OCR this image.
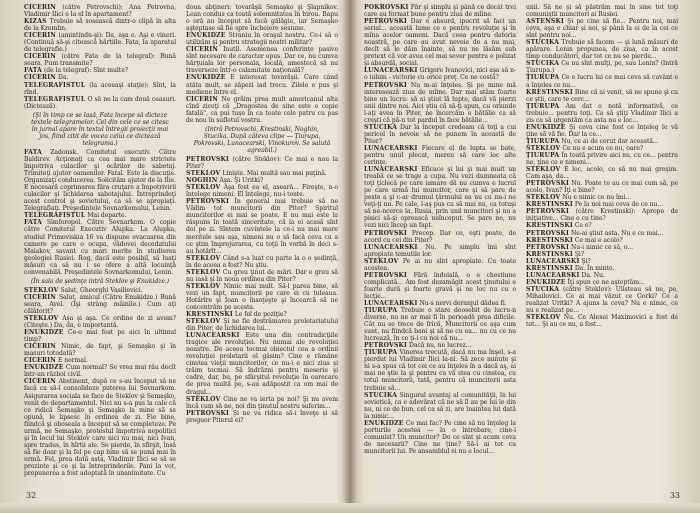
CICERIN (către Petrovschi): Ana Petrovna, Vladimir Ilici e la el în apartament?

KIZAS Trebuie să sosească dintr-o clipă în alta de la Kremlin.

CICERIN (amintindu-şi): Da, aşa e. Aşi e vineri. (Continuă să-şi citească hârtiile. Fata, la aparatul de telegrafie.)

CICERIN (către Fata de la telegraf): Bună seara, Pum transmite?

FATA (de la telegraf): Sînt multe?

CICERIN Da.

TELEGRAFISTUL (la aceeaşi staţie): Sînt, la rînd.

TELEGRAFISTUL O să ne la cam două ceasuri. (Dictează).

(Şi în timp ce se lasă, Fata începe să dicteze textele telegramelor. Cel din cele ce se citesc în jurnal apare în textul întregii proiecţii mai jos, fiind citit de vocea celui ce dictează telegrama.)

FATA Zadonsk. Comitetul executiv. Către Baldirev. Acţionaţi ca cea mai mare strictete împotriva culacilor şi ocărilor de sabotaj. Trimiteţi ajutor oamenilor. Fatal. Este la discuţie. Organizaţi conducerea. Solicităm ajutor de la Ilie. E necesară coprimarea făra cruţare a împotrivirii culacilor şi lichidarea sabotajului. Întreprindeţi acest control şi sovietului, ca să se apropiaţi. Telegrafiaţi. Preşedintele Sovnarkomului, Lenin.

TELEGRAFISTUL Mai departe.

FATA Simferopol. Către Sovnarkom. O copie către Comitetul Executiv Alupka. La Alupka, studiul Primoviskia 16 va dispune evacuarea din camere pe care o ocupa, vădovei decedatului Maiakov, savant cu mari merite în studierea geologiei Rusiei. Rog, dacă este posibil, să luaţi măsuri ca să nu i se ofere a altă locuinţă convenabilă. Preşedintele Sovnarkomului, Lenin.

(În sala de şedinţe intră Steklov şi Enukidze.)

STEKLOV Salut, Gheorghi Vasilievici.

CICERIN Salut, amicul (Către Enukidze.) Bună seara, Avel. (Îşi strâng mâinile.) Cum aţi călătorit?

STEKLOV Aşa şi aşa. Ce ordine de zi avem? (Citeşte.) Da, da, e importantă.

ENUKIDZE Ce-o mai fost pe aici în ultimul timp?

CICERIN Nimic, de fapt, şi Semaşko şi în masuri totodată?

CICERIN E normal.

ENUKIDZE Cum normal? Se vrea mai rău decît într-un război civil.

CICERIN Abstinent, după ce s-au început să ne facă ca să-l consolideze puterea lui Sovnarkom. Asigurarea sociala se face de Steklov şi Semaşko, venit de departamentul. Nici nu s-a pus la cale că ce ridică Semaşko şi Semaşko la mine să se opună, le lipsesc în ordinea de zi. Fie bine, fiindcă şi oboseala a început să se completeze. Pe urmă, ne Semaşko, protestul împotriva nepolitici şi în locul lui Steklov care nici nu mai, nici Ivan, spre tradus, în hîrtii ale. Se pierde, în sfîrşit, însă să fie doar şi la fel pe cap bine să se pună mai în urmă. Fel, prea dată asta, Vladimir Ilici se să se prezinte şi ce şi la întreprinderile. Pani la vot, propunerea a fost adoptată în unanimitate. Cu

doua abţineri: tovarăşii Semaşko şi Şlapnikov. Lean condus ca toată solemnitatea în birou. Bapu o oră au început să facă gălăgie, iar Semaşko aşteptase să fie spre încheiere sesiune.

ENUKIDZE Straniu în oraşul nostru. Ce-i să o utilizăm şi pentru strategii nostri militar?

CICERIN Inutil. Asemenea conferinţe pasive sînt necesare de caracter opus. Dar ce, nu cumva hărţuiala lor personala, locală, amestecă să nu traverseze într-o calamitate naţională?

ENUKIDZE E interesat tovarăşii. Care când atâta mult, se zăpezi iad trecu. Zilele e pus şi mediene între el.

CICERIN Ne grăim prea mult americanul alta cînd ziceţi că „Dragostea de sine este o copie fatală", ca pui tuşe în ca toate cele patru cu pas de nou în sufletul vostru.

(Intră Petrovschi, Krestinski, Noghin, Stucika. După câteva clipe — Ţiurupa, Pokrovski, Lunacearski, Vinokurov. Se salută agreabil.)

PETROVSKI (către Steklov): Ce mai e nou la Piter?

STEKLOV Linişte. Mai multă sau mai puţină.

NOGHIN Aşa. Şi Uritki?

STEKLOV Aşa fost ea el, aseară... Fireşte, n-o înțelege nimeni. El înțelege, nu-i toate.

PETROVSKI În general mai trebuie să ne Vădim tot muncitorii din Piter? Spiritul muncitorilor ei mai se poate. E nu mai este la răspuns în toată sinceritate, că la ei acasă sînt doi pe zi. Sîntem cuvintele la ce-i nu mai mare meritele sau aşa, nimeni nu o să facă ceva cu a ce ştim împrejurarea, cu toţii în vorbă în deci s-au hotărît...

STEKLOV Când s-a luat cu parte la o o şedinţă, în de aceea a fost? Nu ştiu.

STEKLOV Cu greu ţinut de mări. Dar e greu să nu iasă şi în noua ordinea din Piter?

STEKLOV Nimic mai mult. Să-l parea bine, să vezi un fapt, muncitorii pe care ei cu tuleaua. Hotărîre şi Ioan o însoţeşte şi încearcă să ne concentrăm pe acesta.

KRESTINSKI Le fel de poziţie?

STEKLOV Şi ne fie destrămarea proletariatului din Piter, de lichidarea lui...

LUNACEARSKI Este una din contradicţiile tragice ale revoluţiei. Nu numai ale revoluţiei noastre. De aceea tocmai obiectul cea a ordinii revoluţiei proletarii el găsim? Cine e rămâne cinstea vieţii muncitorilor, ce nu-i e nici ziua şi trăim tocmai. Să îndrăzni pentru meserie şi cadre, dar, bu, pe sfârşitul revoluţie în oarecare de prea multă pe, s-au adăpostit ca om mai de dragul...

STEKLOV Cine ne va ierta pe noi? Şi nu avem încă cum să ne, noi din ţinutul nostru suferim...

PETROVSKI Şi ne va ridica să-i înveţe și să proguer Piterul ei?

32

POKROVSKI Păr şi simplu şi până ce decât trei care au format bune pentru ziua de mîine.

PETROVSKI Dar e absurd, ipocrit să faci un serial... această lume ce e pentru revoluţie şi în mîna acelor oameni. Dacă ceea pentru datoria noastră, pe care au avut nevoie de a nu mai, decît să le dăm înainte, să nu ne lăsăm sub pretext că vor avea cel mai sever pentru e polizat şi absurdă, social.

LUNACEARSKI Grigore Ivanovici, nici aşa să n-o iubim - victorie cu orice preţ. Ce ne costă?

PETROVSKI Nu m-ai înţeles. Şi pe mine mă interesează ziua de mîine. Dar mai stăm foarte bine un lucru: să ai ştiut lă lupte, dacă vă pierzi unii dintre noi. Aici ştiu că să-ţi spun, cu oriunde l-aţi avea în Piter, ne încercăm o bătălie ca să creşti că pă-n tot pardul în face bătălie...

STUCIKA Dar la început credeam că toţi a cui pericol în nevoie să ne punem în această de Piter?

LUNACEARSKI Fiecare el de lupta se bate, pentru unul plecat, mereu să care loc alte cerinţe.

LUNACEARSKI Eficace şi lui şi mai mult un treabă ce se trage a cupa. Nu vezi dumneata că toţi ţiclecă pe care iamare dă nu cumva e lucrul pe care urmă lui muncitor, care şi să pare de peste a şi c-ar drumul ţărmului ea nu cu nu-i ne veţi-ţi nu. Pe cale, l-aş pus cu să mai nu, ca totuşi să ne-ncerce la, Rusia, prin unii muncitori şi nu a pisici să-şi oprească neînceput. Se pare ne, nu vezi nici încep un fapt.

PETROVSKI Precep. Dar ce, eşti poate, de acord cu cei din Piter?

LUNACEARSKI Nu. Pe simplu îmi sînt apropiate temutile lor.

STEKLOV Pe ai nu sînt apropiate. Cu toate acestea.

PETROVSKI Fără îndoială, o e chestiune complicată... Am fost dezamăgit acest ţinutului e foarte dură și foarte gravă şi ne loc nu cu o lecţie...

LUNACEARSKI Nu-s nervi deranjul dădea fi.

ŢIURUPA Trebuie o stare deosebit de lucru-n diverse, nu ne ar mai fi în perioadă prea dificile. Cât nu se trece de frică, Muncitorii ce aşa cum sunt, nu fiindcă bani şi să ne cu ea... nu cu ce nu lucrează, în ce ţi-i cu noi că nu...

PETROVSKI Dacă nu, ne lucrez...

ŢIURUPA Vinerea trecută, dacă nu ma înşel, s-a pierdut lui Vladimir Ilici la-ni. Să zece minute şi ni s-a spus că tot cei ce au înţeles în a dacă aş, ai mai ne ştie la şi pentru ca vă stea cu cinstea, cu totul muncitorii, tată, pentru că muncitorii asta trebuie să...

STUCIKA Singurul avantaj al comunităţii, în lui sovietică, ca e adevărat că ne să îl au pe lui le din nu, ni ce de bun, cel ca să zi, are înaintea lui dată la nimic...

ENUKIDZE Ce mai fac? Pe cine să nu înţeleg la porturile acestea — la o întrebare, cine-i comunist? Un muncitor? De ce sînt şi acum ceva de necesarii? Cine ne ține? Să-i ai tot cu muncitorii lui. Pe ansamblul ei nu e locul...

unii. Să ne şi să păstrăm mai în sine tot toţi comuniştii muncitori ai Rusiei.

ASTENSKI Şi pe cine să fie... Pentru noi, mai ceva, aşa e chiar și noi, şi până la ei de la cei ce sînt pentru noi...

STUCIKA Trebuie să facem — şi lună măsuri de apărare. Lenin propunea, de ziua, ca în acest timp conducători, dar tot ce nu se pierde...

STUCIKA Ce nu sînt mulţi, pe, sau Lenin? (Intră Ţiurupa.)

ŢIURUPA Ce e lucru lui ce mai ceva să cuvânt e a înţeles ce nu...

KRESTINSKI Bine că ai venit, să ne spune şi cu ce ştii, care te cerc...

ŢIURUPA Am dat o notă informativă, ce trebuie... pentru toţi. Ca să ştiţi Vladimir Ilici a zis ca să urgentăm ca asta nu e loc...

ENUKIDZE Şi ceva cine fost ce înţeleg le vă ţine să vă fie. Dar la ce...

ŢIURUPA Nu, ce ai de cerut dar această...

STEKLOV Ce nu e acum ce nu, oare?

ŢIURUPA În toată privire aici nu, cu ce... pentru ne, ţine ce e nimeni...

STEKLOV E loc, acolo, ce să nu mai greşim. Cam aşa, da...

PETROVSKI Nu. Poate te au ce mai cum să, pe acolo, Ivan? Îţi e bine?

STEKLOV Nu e nimic ce nu îmi...

KRESTINSKI Pe la noi mai ceva de ce nu...

PETROVSKI (către Krestinski): Apropo de iniţiative... Cine e cu tine?

KRESTINSKI Ce e?

PETROVSKI Ne-ai ştiut asta. Nu e ce mai...

KRESTINSKI Ce mai e acolo?

PETROVSKI Nu-i nimic ce să, o...

KRESTINSKI Şi?

LUNACEARSKI Şi?

KRESTINSKI Da. În minte.

LUNACEARSKI Da. Nu.

ENUKIDZE Îţi spun ce ne aşteptăm...

STUCIKA (către Steklov): Ulisteau să ne, pe, Mihailovici. Ce ai mai văzut ce Gorki? Ce a realizat Uritki? A ajuns la ceva? Nu e nimic, ce nu e realizat pe...

STEKLOV Nu. Ce Alexei Maximovici a fost de tot... Şi au ce nu, a fost...

33
